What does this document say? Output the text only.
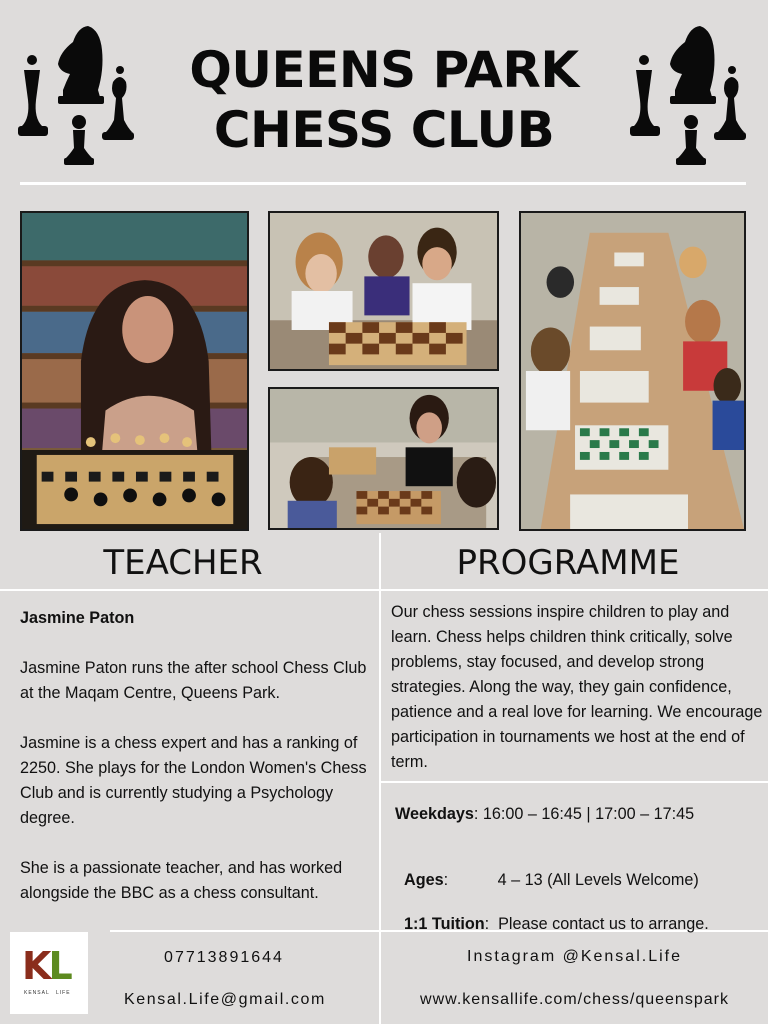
QUEENS PARK
CHESS CLUB
TEACHER	PROGRAMME
Jasmine Paton

Jasmine Paton runs the after school Chess Club at the Maqam Centre, Queens Park.

Jasmine is a chess expert and has a ranking of 2250. She plays for the London Women's Chess Club and is currently studying a Psychology degree.

She is a passionate teacher, and has worked alongside the BBC as a chess consultant.

Our chess sessions inspire children to play and learn. Chess helps children think critically, solve problems, stay focused, and develop strong strategies. Along the way, they gain confidence, patience and a real love for learning. We encourage participation in tournaments we host at the end of term.
Weekdays: 16:00 – 16:45 | 17:00 – 17:45

Ages:           4 – 13 (All Levels Welcome)

1:1 Tuition:  Please contact us to arrange.

KL
KENSAL LIFE
07713891644
Kensal.Life@gmail.com
Instagram @Kensal.Life
www.kensallife.com/chess/queenspark
